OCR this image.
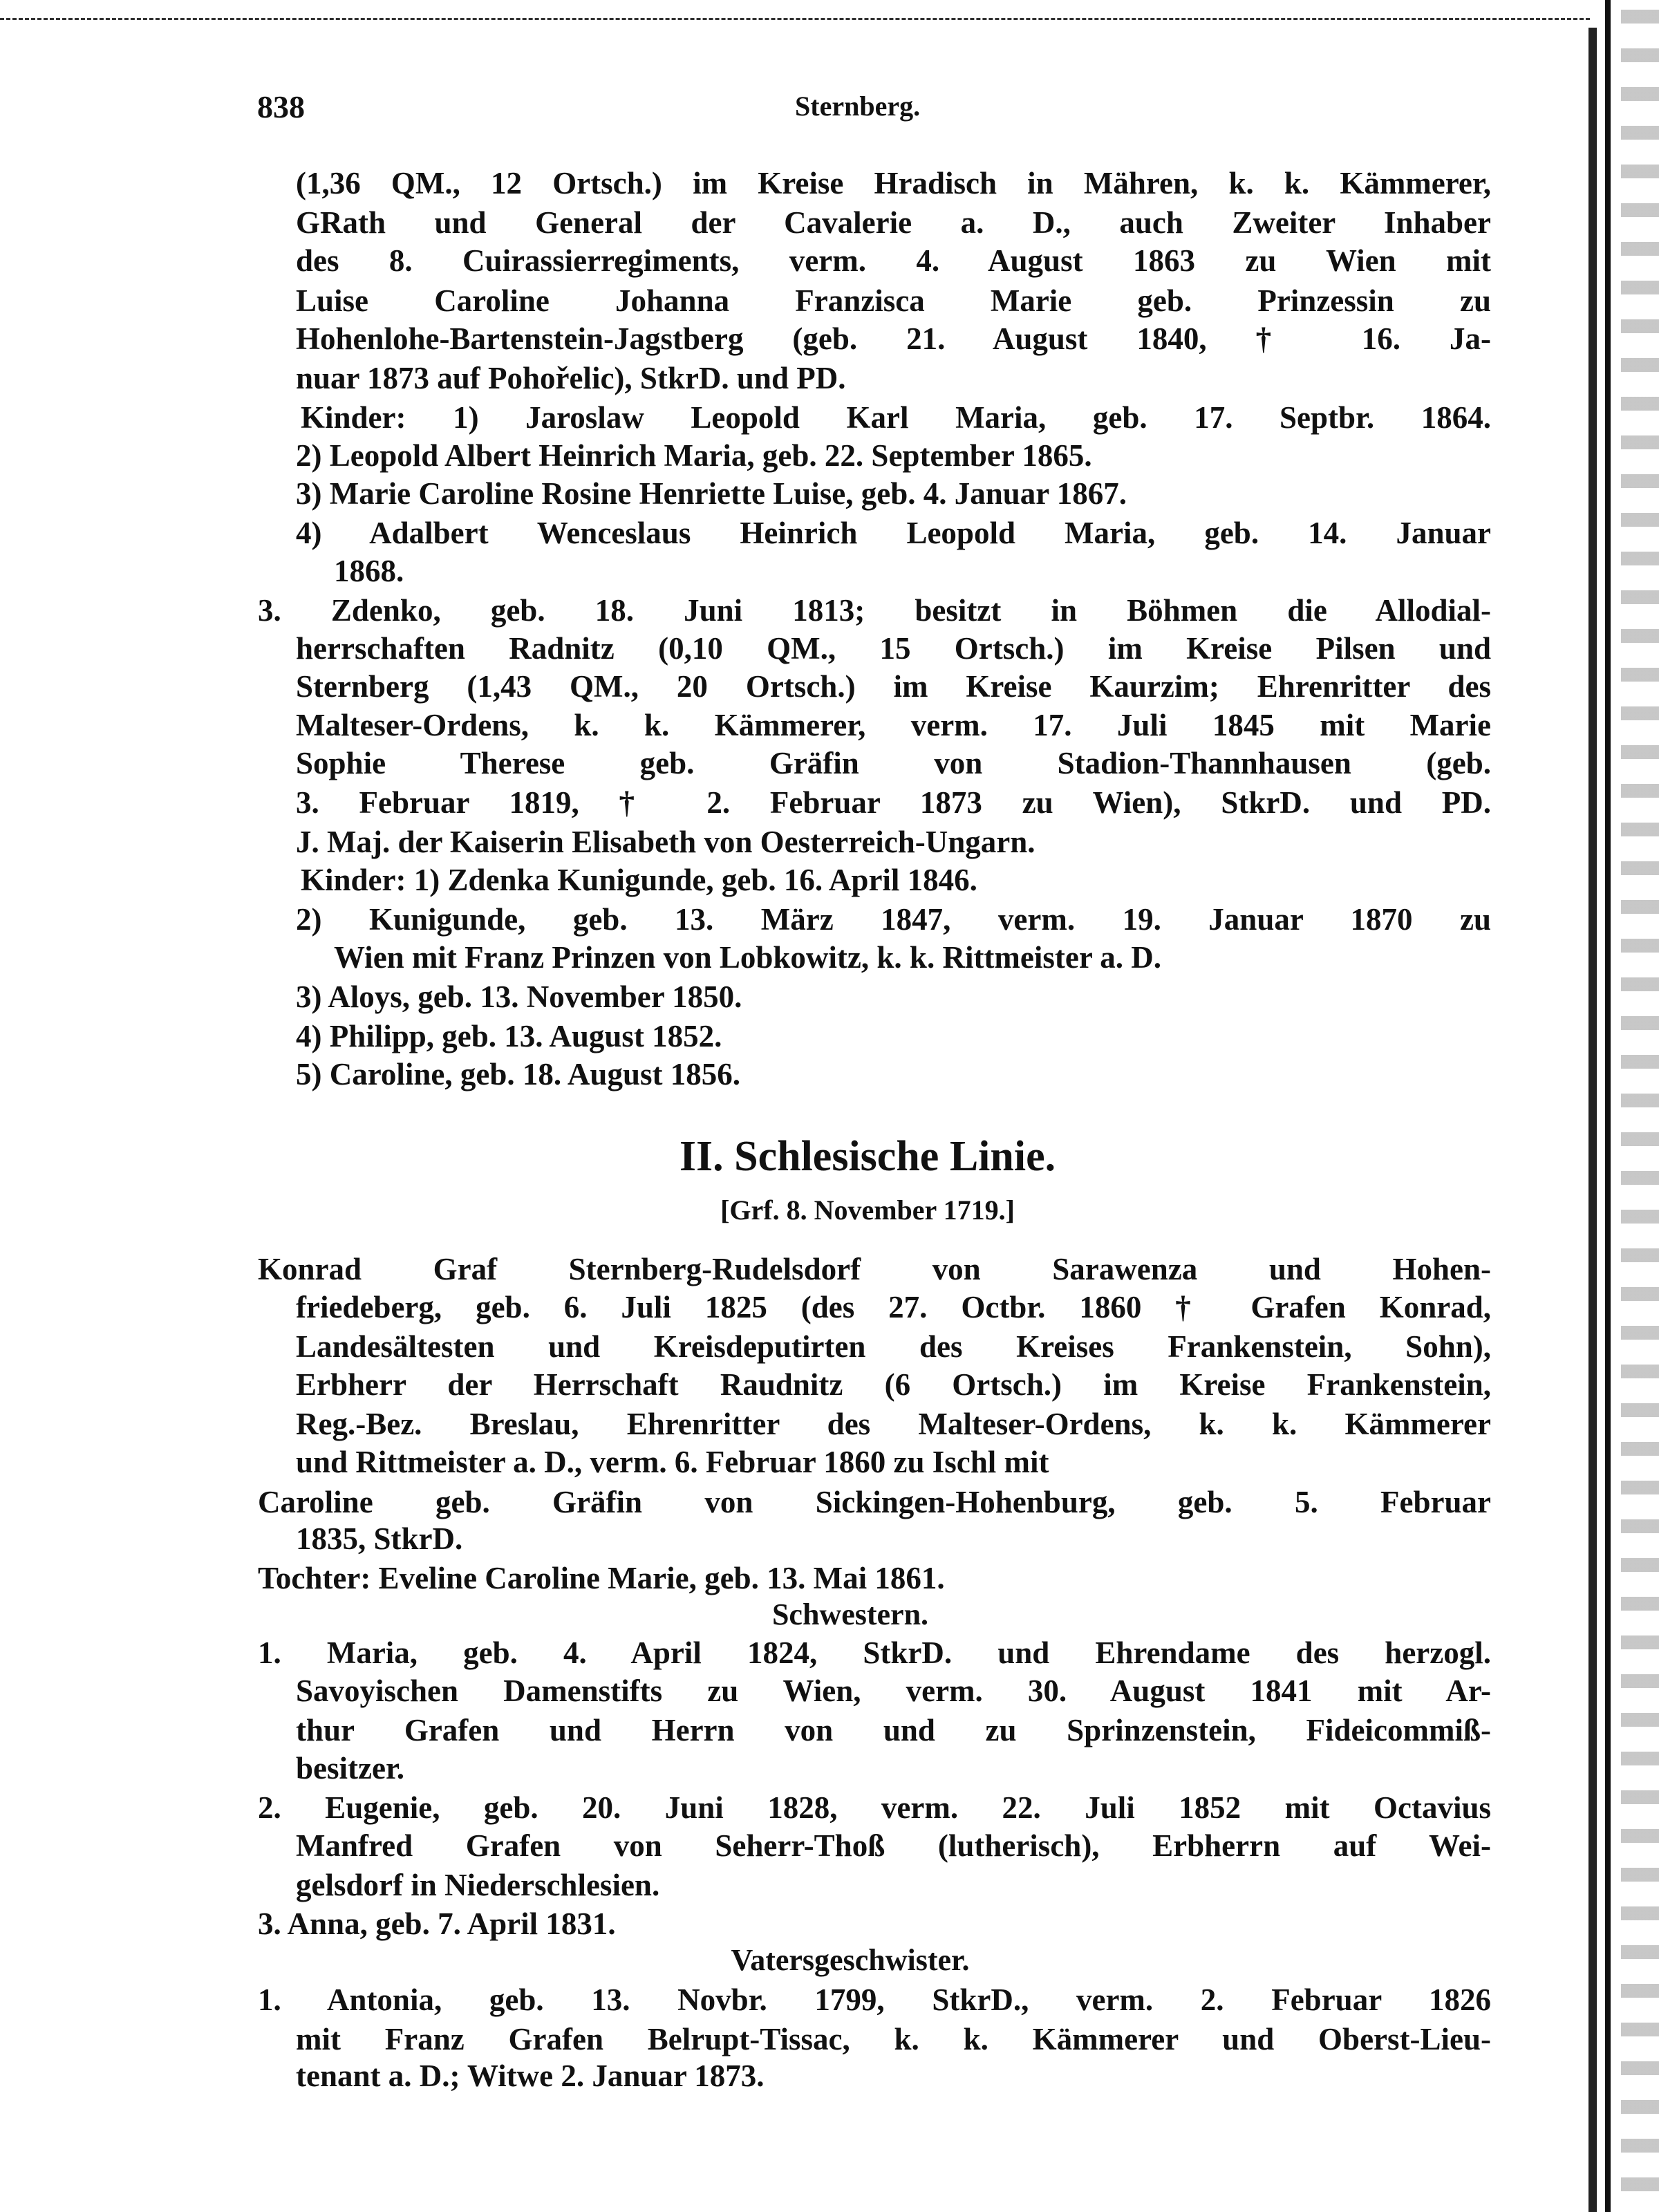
838	Sternberg.
II. Schlesische Linie.
[Grf. 8. November 1719.]
Schwestern.
Vatersgeschwister.
(1,36 QM., 12 Ortsch.) im Kreise Hradisch in Mähren, k. k. Kämmerer,
GRath und General der Cavalerie a. D., auch Zweiter Inhaber
des 8. Cuirassierregiments, verm. 4. August 1863 zu Wien mit
Luise Caroline Johanna Franzisca Marie geb. Prinzessin zu
Hohenlohe-Bartenstein-Jagstberg (geb. 21. August 1840, † 16. Ja-
nuar 1873 auf Pohořelic), StkrD. und PD.
Kinder: 1) Jaroslaw Leopold Karl Maria, geb. 17. Septbr. 1864.
2) Leopold Albert Heinrich Maria, geb. 22. September 1865.
3) Marie Caroline Rosine Henriette Luise, geb. 4. Januar 1867.
4) Adalbert Wenceslaus Heinrich Leopold Maria, geb. 14. Januar
1868.
3. Zdenko, geb. 18. Juni 1813; besitzt in Böhmen die Allodial-
herrschaften Radnitz (0,10 QM., 15 Ortsch.) im Kreise Pilsen und
Sternberg (1,43 QM., 20 Ortsch.) im Kreise Kaurzim; Ehrenritter des
Malteser-Ordens, k. k. Kämmerer, verm. 17. Juli 1845 mit Marie
Sophie Therese geb. Gräfin von Stadion-Thannhausen (geb.
3. Februar 1819, † 2. Februar 1873 zu Wien), StkrD. und PD.
J. Maj. der Kaiserin Elisabeth von Oesterreich-Ungarn.
Kinder: 1) Zdenka Kunigunde, geb. 16. April 1846.
2) Kunigunde, geb. 13. März 1847, verm. 19. Januar 1870 zu
Wien mit Franz Prinzen von Lobkowitz, k. k. Rittmeister a. D.
3) Aloys, geb. 13. November 1850.
4) Philipp, geb. 13. August 1852.
5) Caroline, geb. 18. August 1856.
Konrad Graf Sternberg-Rudelsdorf von Sarawenza und Hohen-
friedeberg, geb. 6. Juli 1825 (des 27. Octbr. 1860 † Grafen Konrad,
Landesältesten und Kreisdeputirten des Kreises Frankenstein, Sohn),
Erbherr der Herrschaft Raudnitz (6 Ortsch.) im Kreise Frankenstein,
Reg.-Bez. Breslau, Ehrenritter des Malteser-Ordens, k. k. Kämmerer
und Rittmeister a. D., verm. 6. Februar 1860 zu Ischl mit
Caroline geb. Gräfin von Sickingen-Hohenburg, geb. 5. Februar
1835, StkrD.
Tochter: Eveline Caroline Marie, geb. 13. Mai 1861.
1. Maria, geb. 4. April 1824, StkrD. und Ehrendame des herzogl.
Savoyischen Damenstifts zu Wien, verm. 30. August 1841 mit Ar-
thur Grafen und Herrn von und zu Sprinzenstein, Fideicommiß-
besitzer.
2. Eugenie, geb. 20. Juni 1828, verm. 22. Juli 1852 mit Octavius
Manfred Grafen von Seherr-Thoß (lutherisch), Erbherrn auf Wei-
gelsdorf in Niederschlesien.
3. Anna, geb. 7. April 1831.
1. Antonia, geb. 13. Novbr. 1799, StkrD., verm. 2. Februar 1826
mit Franz Grafen Belrupt-Tissac, k. k. Kämmerer und Oberst-Lieu-
tenant a. D.; Witwe 2. Januar 1873.
